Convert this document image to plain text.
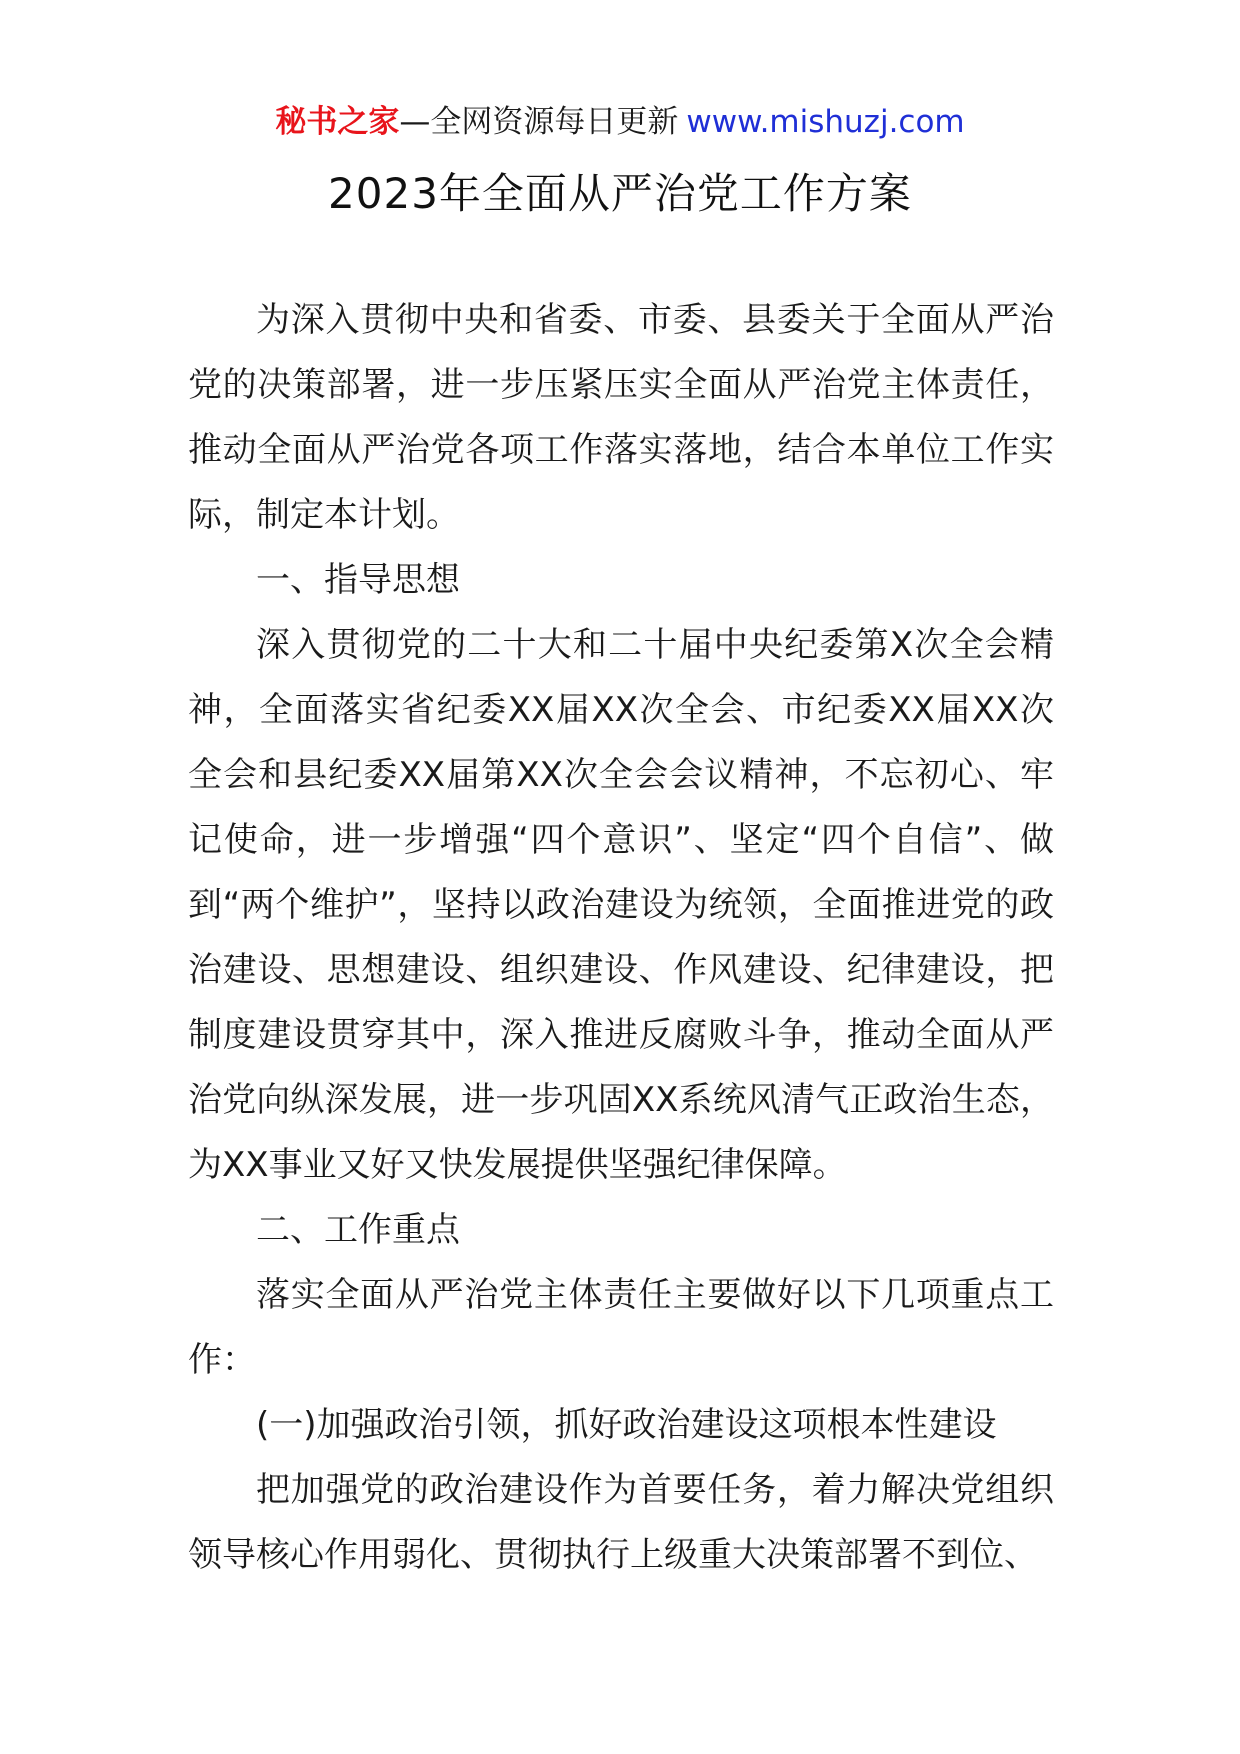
秘书之家—全网资源每日更新 www.mishuzj.com
2023年全面从严治党工作方案

为深入贯彻中央和省委、市委、县委关于全面从严治党的决策部署，进一步压紧压实全面从严治党主体责任，推动全面从严治党各项工作落实落地，结合本单位工作实际，制定本计划。

一、指导思想

深入贯彻党的二十大和二十届中央纪委第X次全会精神，全面落实省纪委XX届XX次全会、市纪委XX届XX次全会和县纪委XX届第XX次全会会议精神，不忘初心、牢记使命，进一步增强“四个意识”、坚定“四个自信”、做到“两个维护”，坚持以政治建设为统领，全面推进党的政治建设、思想建设、组织建设、作风建设、纪律建设，把制度建设贯穿其中，深入推进反腐败斗争，推动全面从严治党向纵深发展，进一步巩固XX系统风清气正政治生态，为XX事业又好又快发展提供坚强纪律保障。

二、工作重点

落实全面从严治党主体责任主要做好以下几项重点工作：

(一)加强政治引领，抓好政治建设这项根本性建设

把加强党的政治建设作为首要任务，着力解决党组织领导核心作用弱化、贯彻执行上级重大决策部署不到位、
